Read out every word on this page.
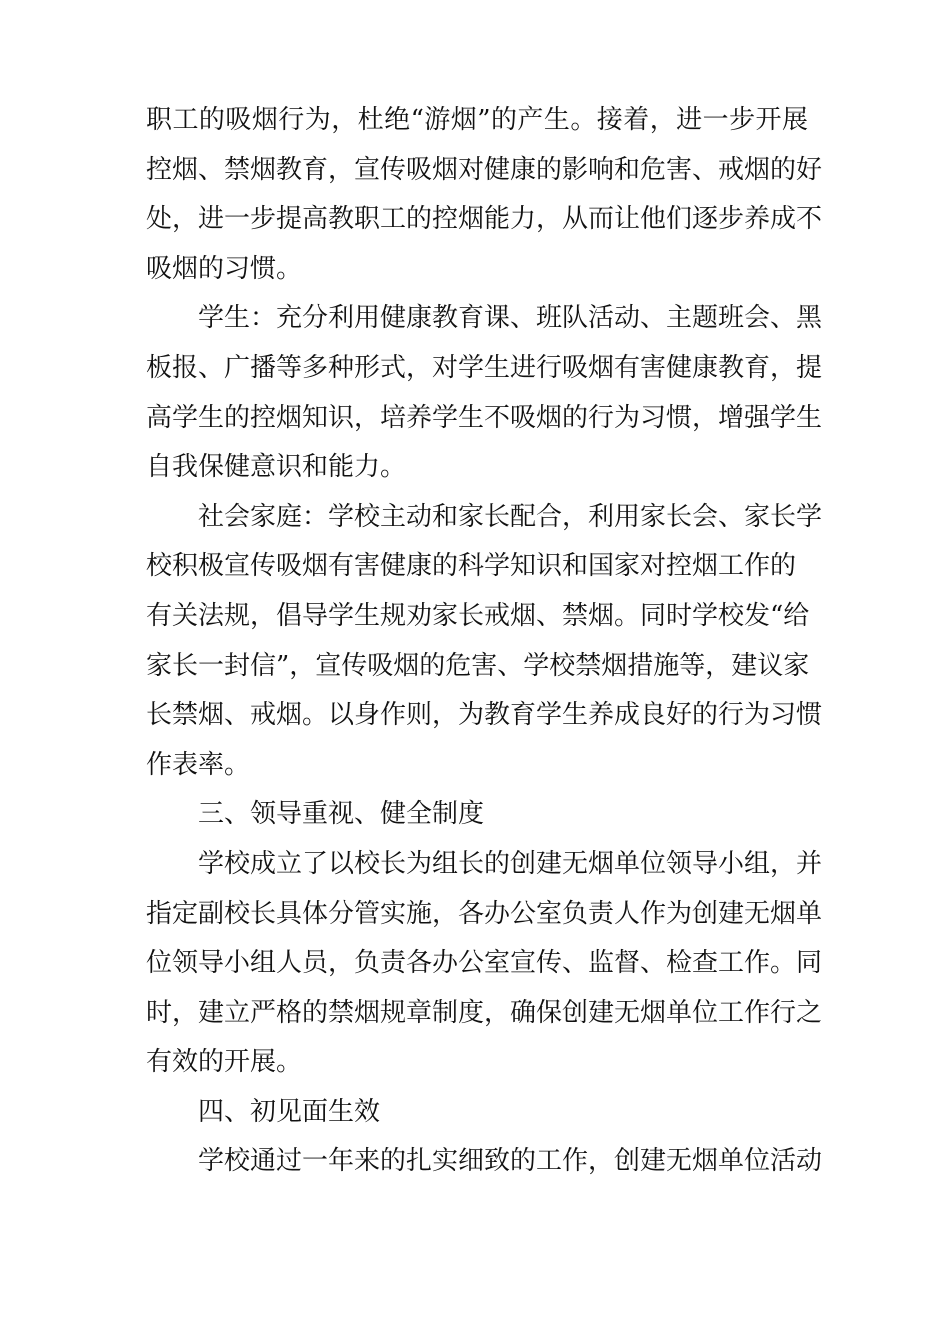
职工的吸烟行为，杜绝“游烟”的产生。接着，进一步开展
控烟、禁烟教育，宣传吸烟对健康的影响和危害、戒烟的好
处，进一步提高教职工的控烟能力，从而让他们逐步养成不
吸烟的习惯。
学生：充分利用健康教育课、班队活动、主题班会、黑
板报、广播等多种形式，对学生进行吸烟有害健康教育，提
高学生的控烟知识，培养学生不吸烟的行为习惯，增强学生
自我保健意识和能力。
社会家庭：学校主动和家长配合，利用家长会、家长学
校积极宣传吸烟有害健康的科学知识和国家对控烟工作的
有关法规，倡导学生规劝家长戒烟、禁烟。同时学校发“给
家长一封信”，宣传吸烟的危害、学校禁烟措施等，建议家
长禁烟、戒烟。以身作则，为教育学生养成良好的行为习惯
作表率。
三、领导重视、健全制度
学校成立了以校长为组长的创建无烟单位领导小组，并
指定副校长具体分管实施，各办公室负责人作为创建无烟单
位领导小组人员，负责各办公室宣传、监督、检查工作。同
时，建立严格的禁烟规章制度，确保创建无烟单位工作行之
有效的开展。
四、初见面生效
学校通过一年来的扎实细致的工作，创建无烟单位活动
